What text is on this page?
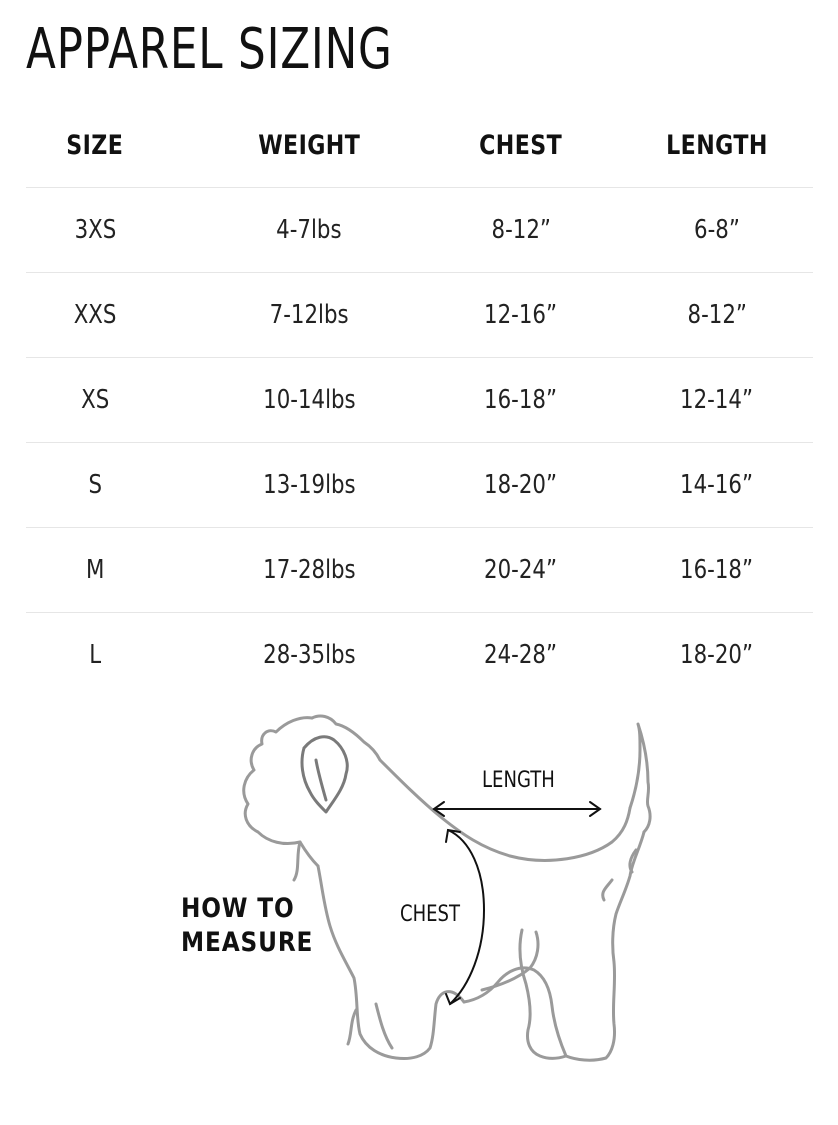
APPAREL SIZING
SIZE	WEIGHT	CHEST	LENGTH
3XS	4-7lbs	8-12”	6-8”
XXS	7-12lbs	12-16”	8-12”
XS	10-14lbs	16-18”	12-14”
S	13-19lbs	18-20”	14-16”
M	17-28lbs	20-24”	16-18”
L	28-35lbs	24-28”	18-20”
LENGTH
CHEST
HOW TO
MEASURE
